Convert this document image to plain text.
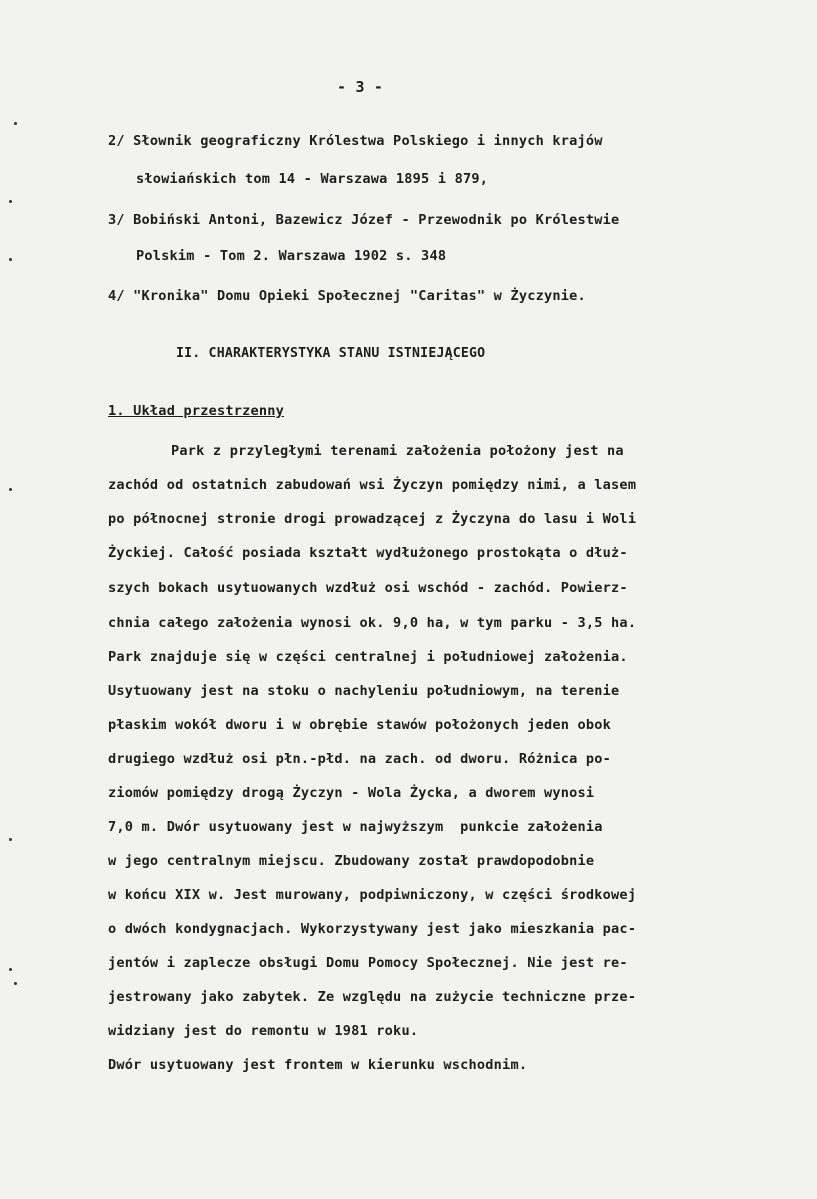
- 3 -
2/ Słownik geograficzny Królestwa Polskiego i innych krajów
słowiańskich tom 14 - Warszawa 1895 i 879,
3/ Bobiński Antoni, Bazewicz Józef - Przewodnik po Królestwie
Polskim - Tom 2. Warszawa 1902 s. 348
4/ "Kronika" Domu Opieki Społecznej "Caritas" w Życzynie.
II. CHARAKTERYSTYKA STANU ISTNIEJĄCEGO
1. Układ przestrzenny
Park z przyległymi terenami założenia położony jest na
zachód od ostatnich zabudowań wsi Życzyn pomiędzy nimi, a lasem
po północnej stronie drogi prowadzącej z Życzyna do lasu i Woli
Życkiej. Całość posiada kształt wydłużonego prostokąta o dłuż-
szych bokach usytuowanych wzdłuż osi wschód - zachód. Powierz-
chnia całego założenia wynosi ok. 9,0 ha, w tym parku - 3,5 ha.
Park znajduje się w części centralnej i południowej założenia.
Usytuowany jest na stoku o nachyleniu południowym, na terenie
płaskim wokół dworu i w obrębie stawów położonych jeden obok
drugiego wzdłuż osi płn.-płd. na zach. od dworu. Różnica po-
ziomów pomiędzy drogą Życzyn - Wola Życka, a dworem wynosi
7,0 m. Dwór usytuowany jest w najwyższym  punkcie założenia
w jego centralnym miejscu. Zbudowany został prawdopodobnie
w końcu XIX w. Jest murowany, podpiwniczony, w części środkowej
o dwóch kondygnacjach. Wykorzystywany jest jako mieszkania pac-
jentów i zaplecze obsługi Domu Pomocy Społecznej. Nie jest re-
jestrowany jako zabytek. Ze względu na zużycie techniczne prze-
widziany jest do remontu w 1981 roku.
Dwór usytuowany jest frontem w kierunku wschodnim.
